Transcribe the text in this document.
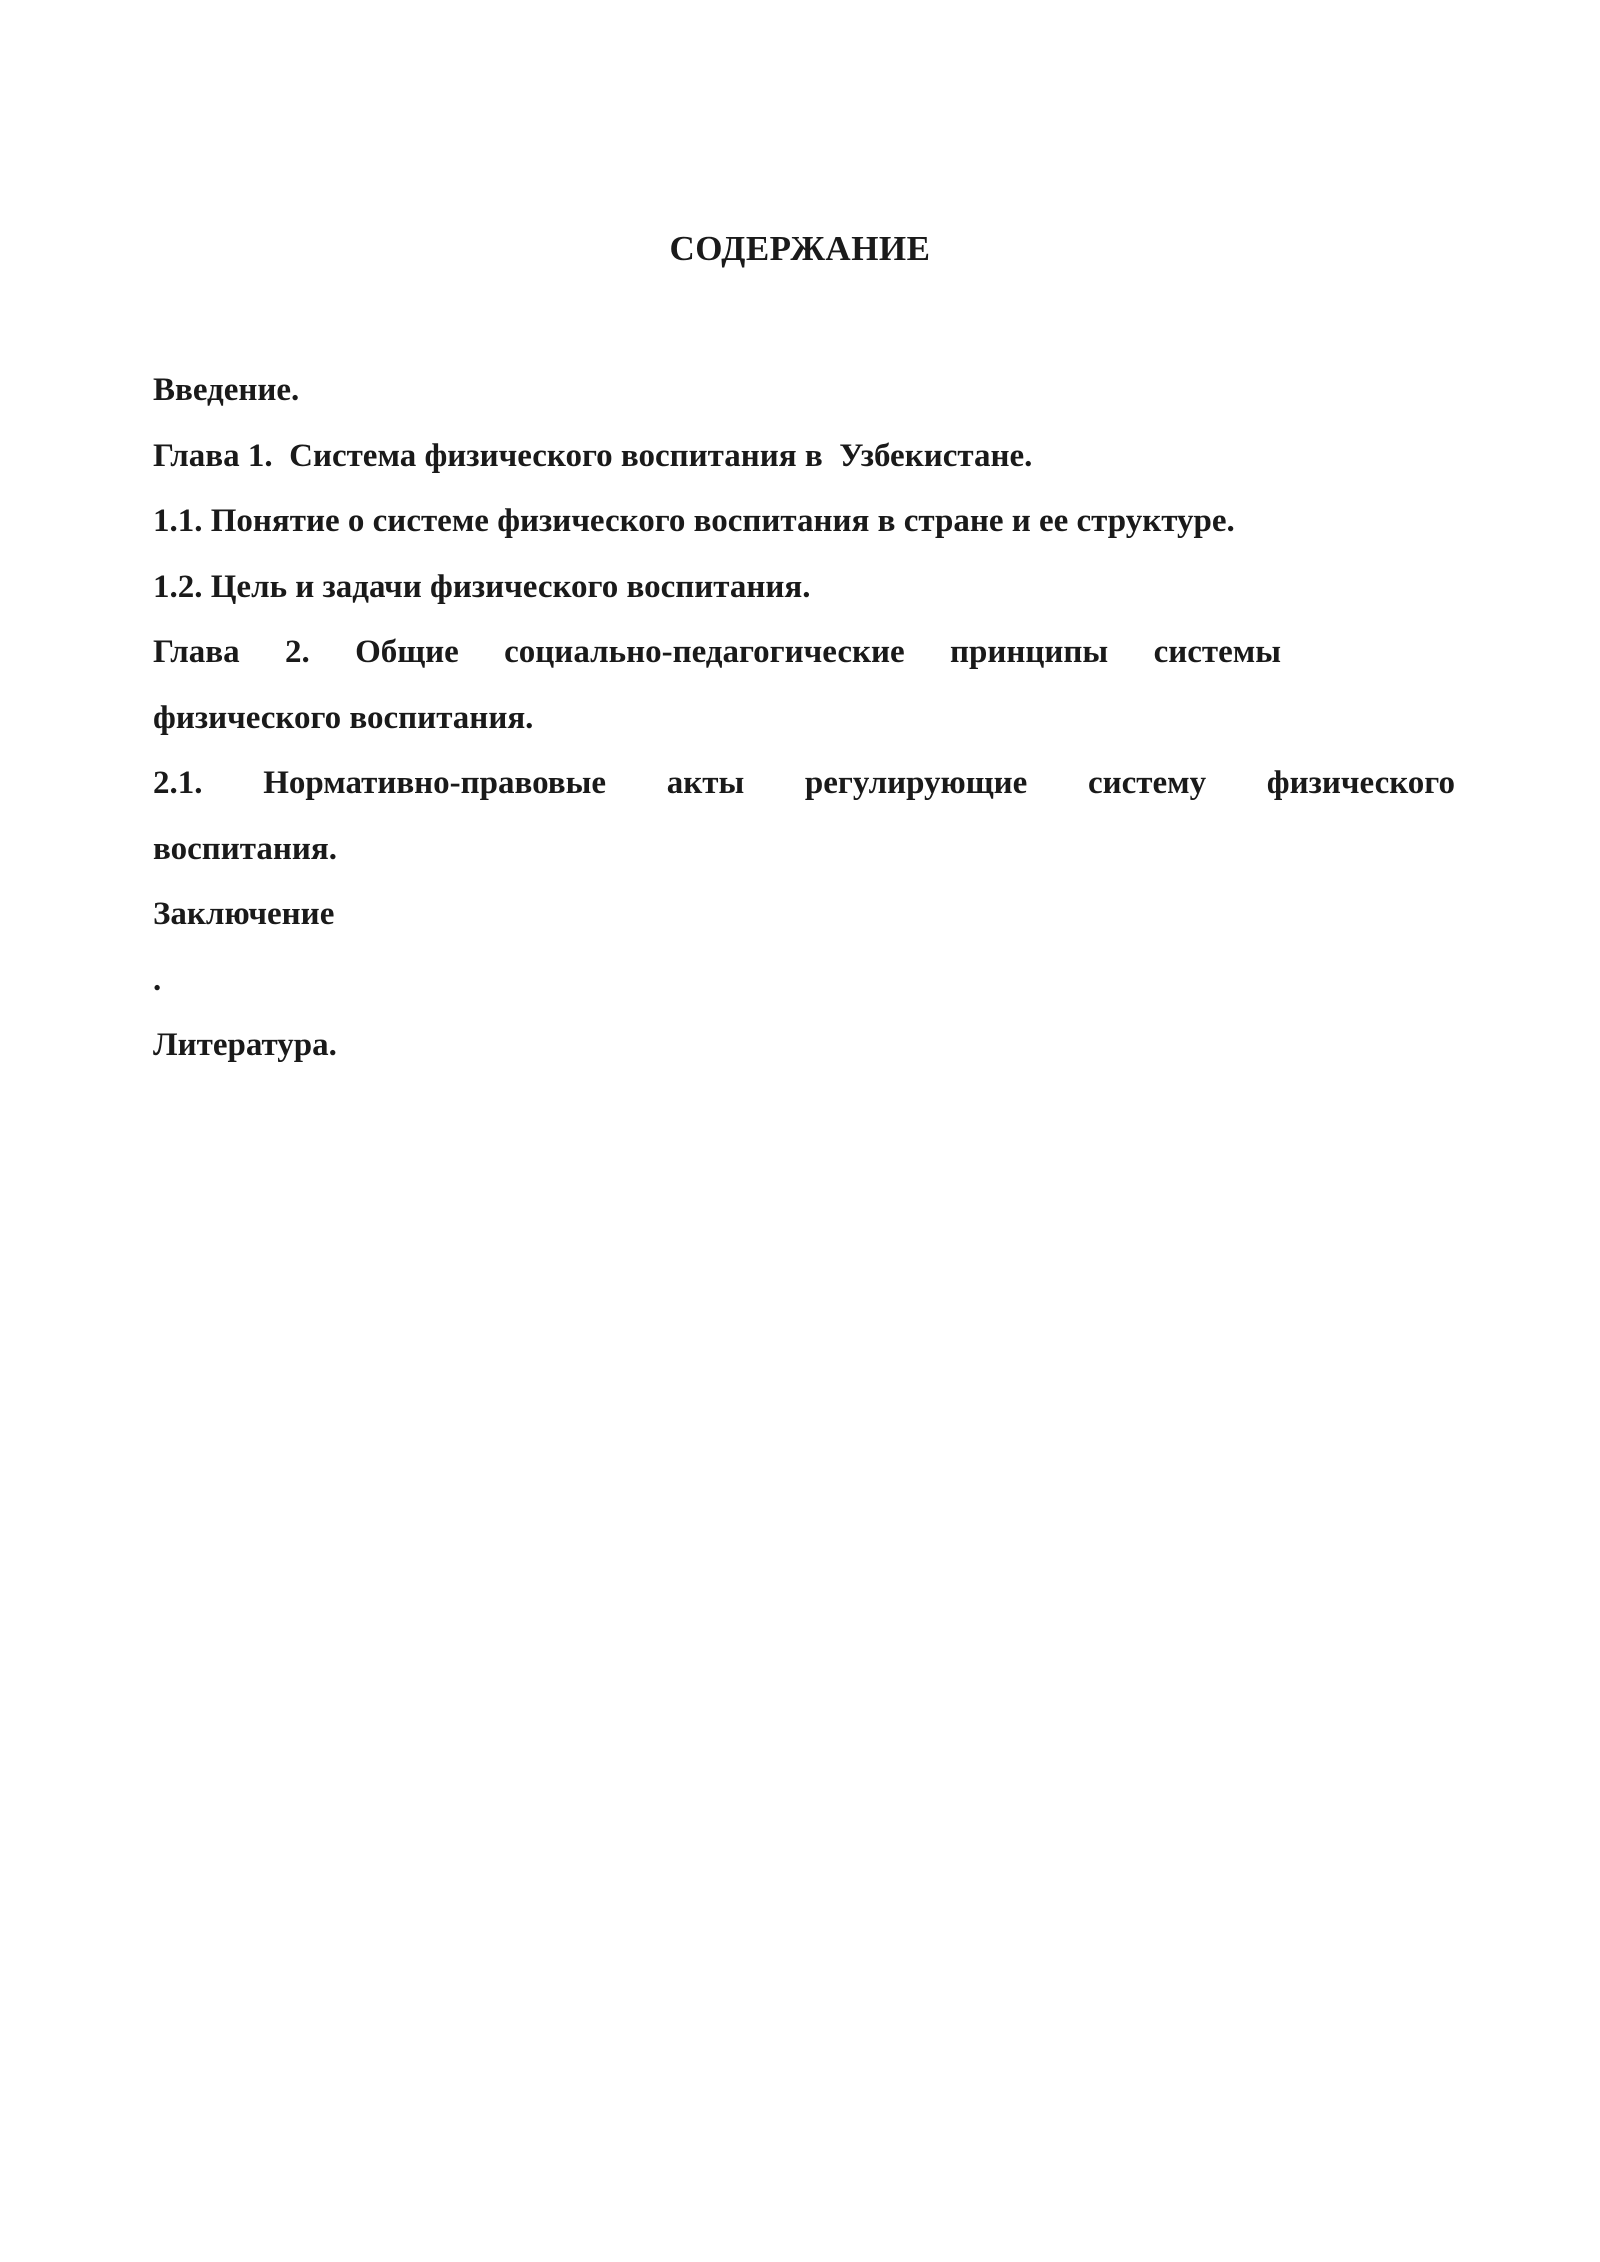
СОДЕРЖАНИЕ
Введение.
Глава 1.  Система физического воспитания в  Узбекистане.
1.1. Понятие о системе физического воспитания в стране и ее структуре.
1.2. Цель и задачи физического воспитания.
Глава 2. Общие социально-педагогические принципы системы
физического воспитания.
2.1. Нормативно-правовые акты регулирующие систему физического
воспитания.
Заключение
.
Литература.
